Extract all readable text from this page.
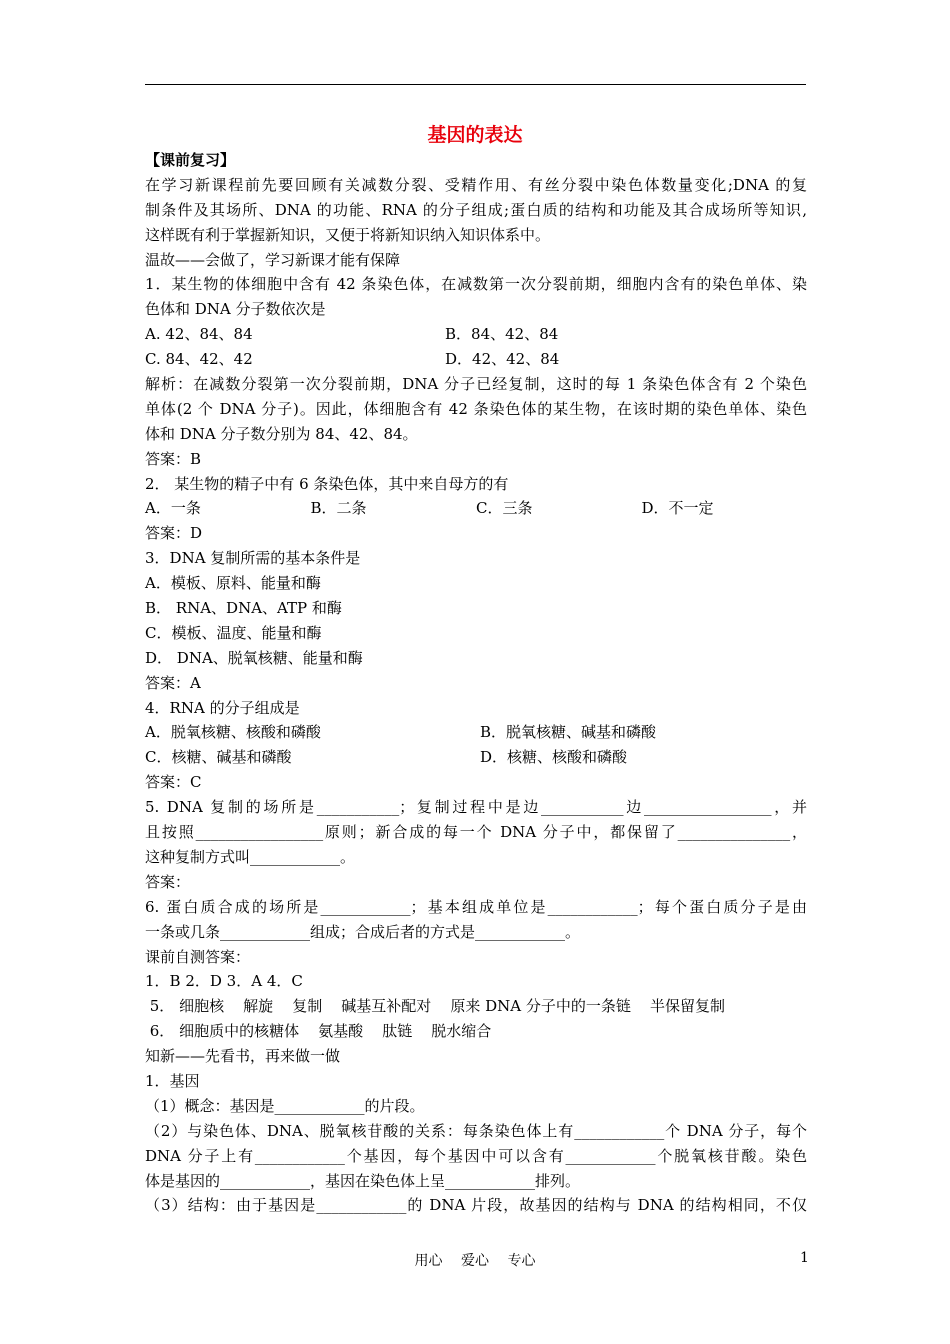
基因的表达
【课前复习】
在学习新课程前先要回顾有关减数分裂、受精作用、有丝分裂中染色体数量变化;DNA 的复
制条件及其场所、DNA 的功能、RNA 的分子组成;蛋白质的结构和功能及其合成场所等知识,
这样既有利于掌握新知识，又便于将新知识纳入知识体系中。
温故——会做了，学习新课才能有保障
1．某生物的体细胞中含有 42 条染色体，在减数第一次分裂前期，细胞内含有的染色单体、染
色体和 DNA 分子数依次是
A. 42、84、84	B．84、42、84
C. 84、42、42	D．42、42、84
解析：在减数分裂第一次分裂前期，DNA 分子已经复制，这时的每 1 条染色体含有 2 个染色
单体(2 个 DNA 分子)。因此，体细胞含有 42 条染色体的某生物，在该时期的染色单体、染色
体和 DNA 分子数分别为 84、42、84。
答案：B
2． 某生物的精子中有 6 条染色体，其中来自母方的有
A．一条	B．二条	C．三条	D．不一定
答案：D
3．DNA 复制所需的基本条件是
A．模板、原料、能量和酶
B． RNA、DNA、ATP 和酶
C．模板、温度、能量和酶
D． DNA、脱氧核糖、能量和酶
答案：A
4．RNA 的分子组成是
A．脱氧核糖、核酸和磷酸	B．脱氧核糖、碱基和磷酸
C．核糖、碱基和磷酸	D．核糖、核酸和磷酸
答案：C
5. DNA 复制的场所是___________；复制过程中是边___________边_________________，并
且按照_________________原则；新合成的每一个 DNA 分子中，都保留了_______________，
这种复制方式叫____________。
答案：
6. 蛋白质合成的场所是____________；基本组成单位是____________；每个蛋白质分子是由
一条或几条____________组成；合成后者的方式是____________。
课前自测答案：
1．B 2．D 3．A 4．C
5． 细胞核    解旋    复制    碱基互补配对    原来 DNA 分子中的一条链    半保留复制
6． 细胞质中的核糖体    氨基酸    肽链    脱水缩合
知新——先看书，再来做一做
1．基因
（1）概念：基因是____________的片段。
（2）与染色体、DNA、脱氧核苷酸的关系：每条染色体上有____________个 DNA 分子，每个
DNA 分子上有____________个基因，每个基因中可以含有____________个脱氧核苷酸。染色
体是基因的____________，基因在染色体上呈____________排列。
（3）结构：由于基因是____________的 DNA 片段，故基因的结构与 DNA 的结构相同，不仅
用心 爱心 专心	1
